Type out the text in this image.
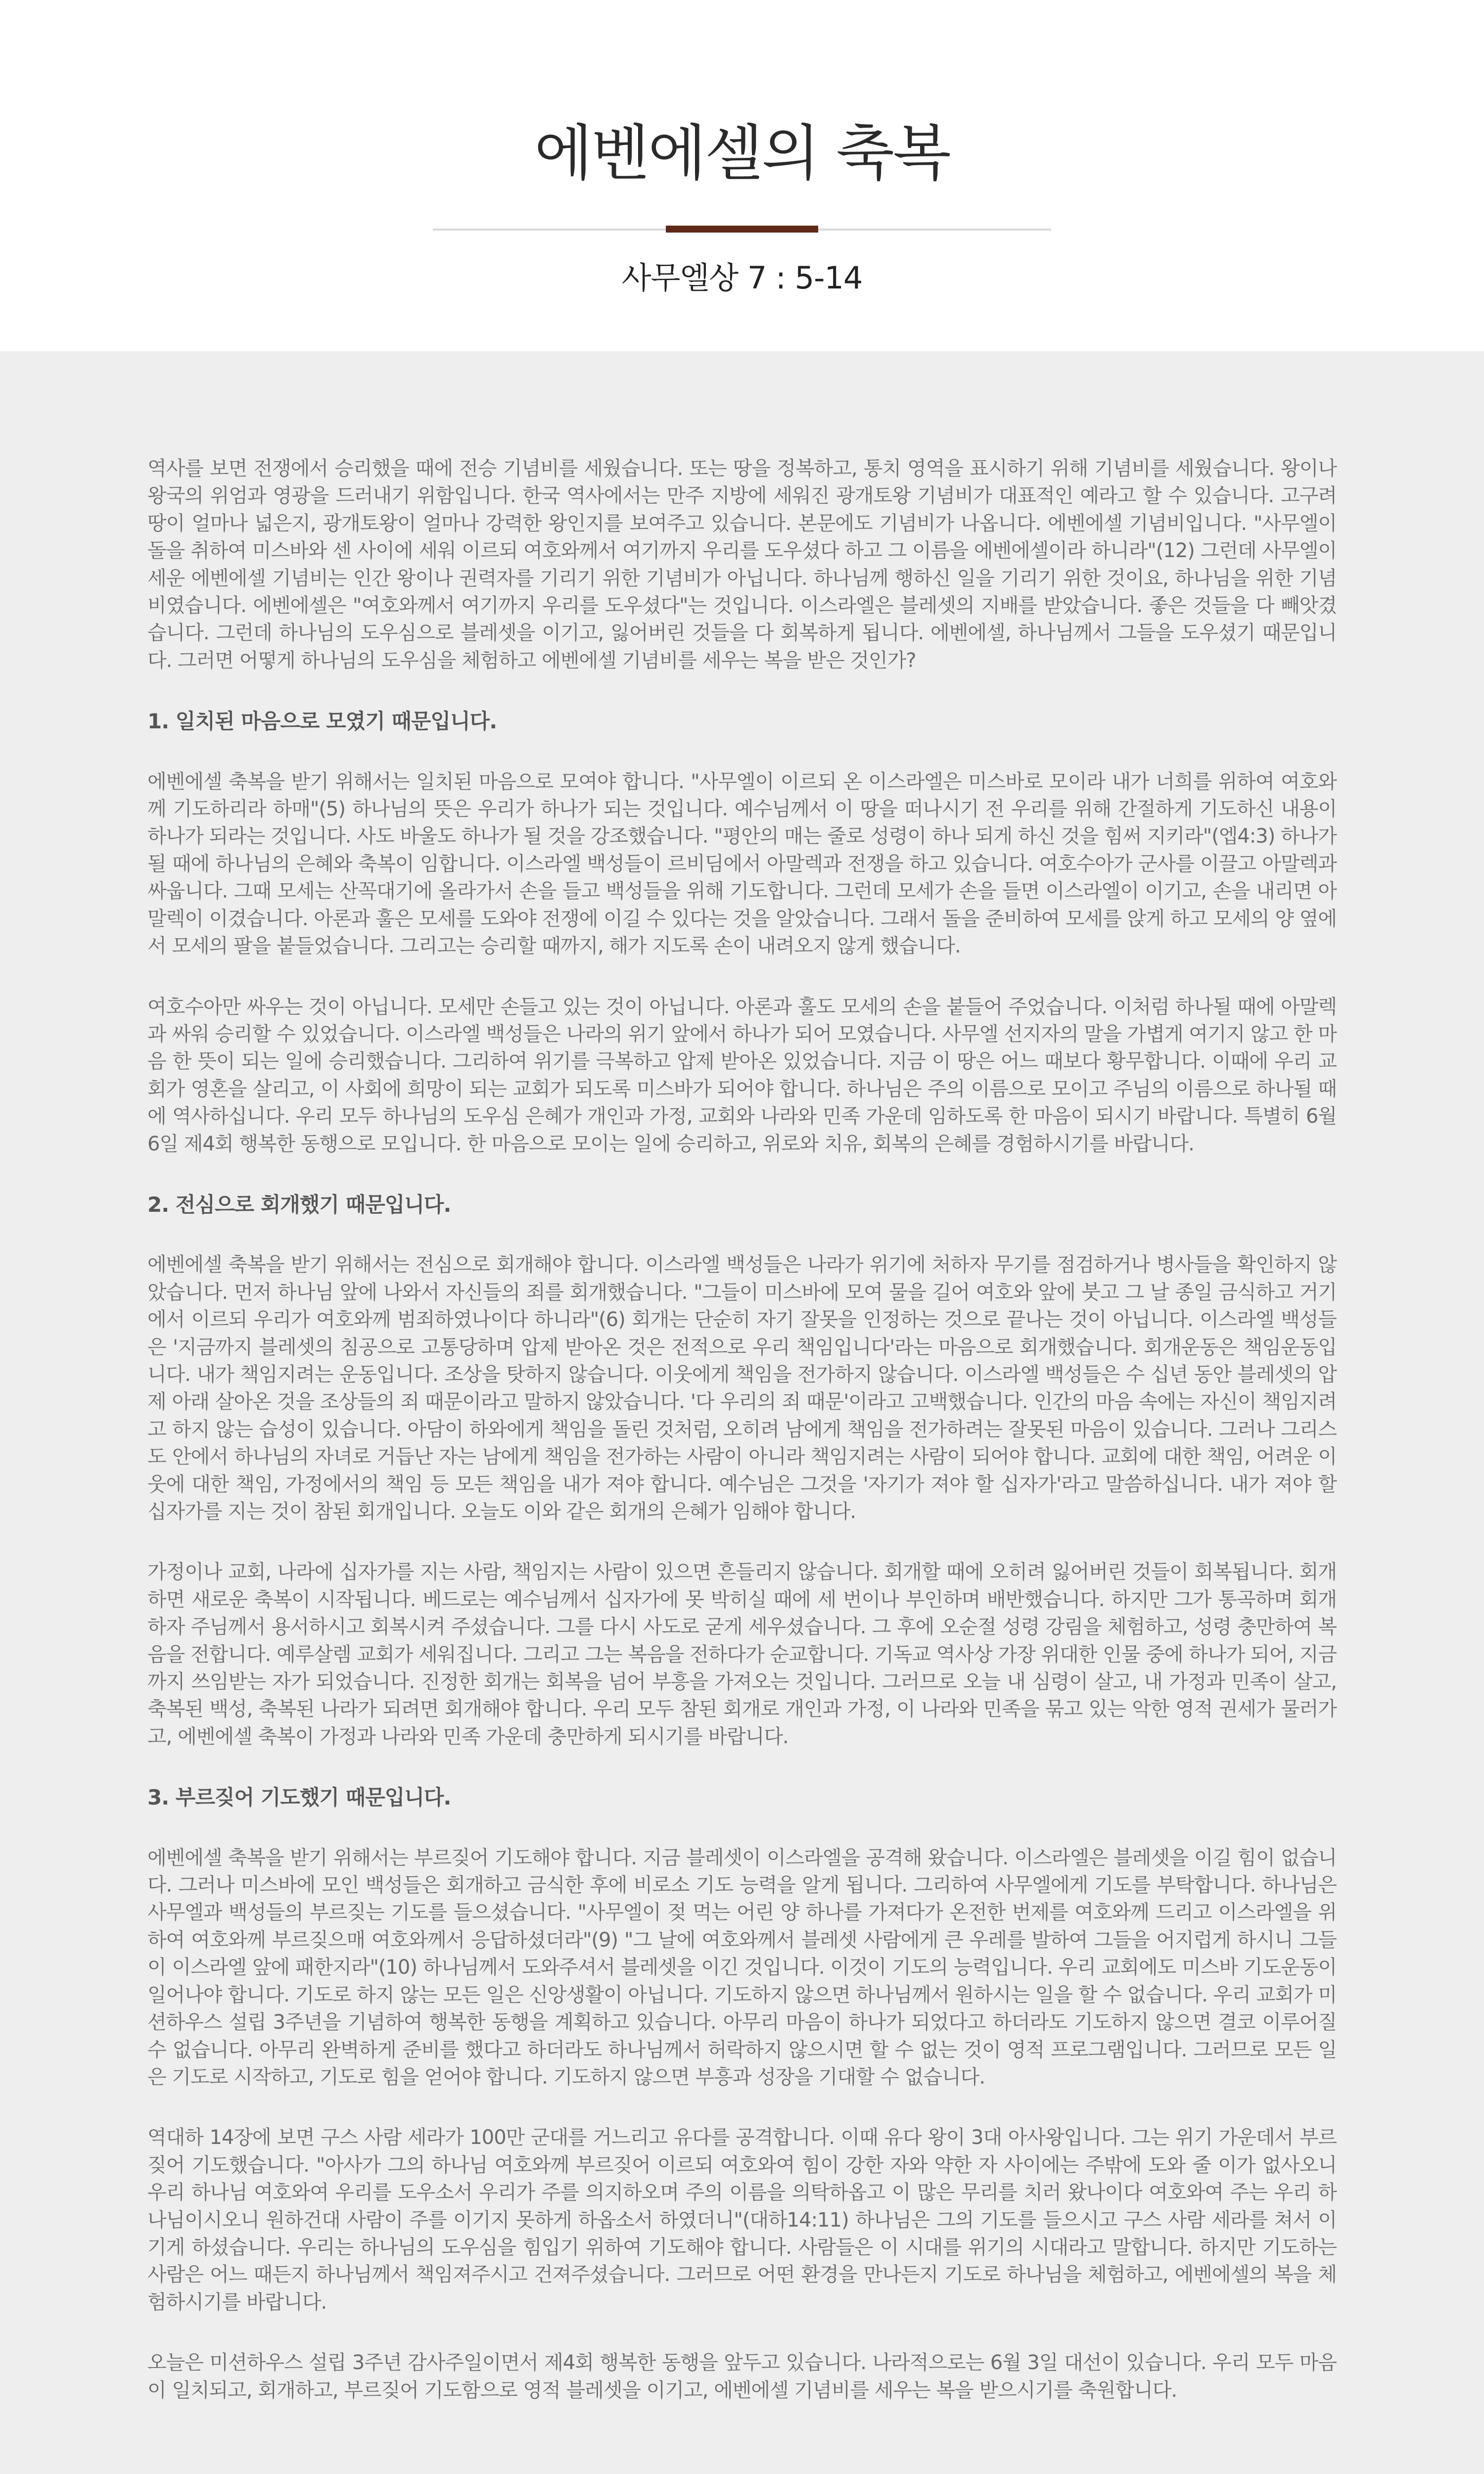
에벤에셀의 축복
사무엘상 7 : 5-14

역사를 보면 전쟁에서 승리했을 때에 전승 기념비를 세웠습니다. 또는 땅을 정복하고, 통치 영역을 표시하기 위해 기념비를 세웠습니다. 왕이나 왕국의 위엄과 영광을 드러내기 위함입니다. 한국 역사에서는 만주 지방에 세워진 광개토왕 기념비가 대표적인 예라고 할 수 있습니다. 고구려 땅이 얼마나 넓은지, 광개토왕이 얼마나 강력한 왕인지를 보여주고 있습니다. 본문에도 기념비가 나옵니다. 에벤에셀 기념비입니다. "사무엘이 돌을 취하여 미스바와 센 사이에 세워 이르되 여호와께서 여기까지 우리를 도우셨다 하고 그 이름을 에벤에셀이라 하니라"(12) 그런데 사무엘이 세운 에벤에셀 기념비는 인간 왕이나 권력자를 기리기 위한 기념비가 아닙니다. 하나님께 행하신 일을 기리기 위한 것이요, 하나님을 위한 기념비였습니다. 에벤에셀은 "여호와께서 여기까지 우리를 도우셨다"는 것입니다. 이스라엘은 블레셋의 지배를 받았습니다. 좋은 것들을 다 빼앗겼습니다. 그런데 하나님의 도우심으로 블레셋을 이기고, 잃어버린 것들을 다 회복하게 됩니다. 에벤에셀, 하나님께서 그들을 도우셨기 때문입니다. 그러면 어떻게 하나님의 도우심을 체험하고 에벤에셀 기념비를 세우는 복을 받은 것인가?

1. 일치된 마음으로 모였기 때문입니다.

에벤에셀 축복을 받기 위해서는 일치된 마음으로 모여야 합니다. "사무엘이 이르되 온 이스라엘은 미스바로 모이라 내가 너희를 위하여 여호와께 기도하리라 하매"(5) 하나님의 뜻은 우리가 하나가 되는 것입니다. 예수님께서 이 땅을 떠나시기 전 우리를 위해 간절하게 기도하신 내용이 하나가 되라는 것입니다. 사도 바울도 하나가 될 것을 강조했습니다. "평안의 매는 줄로 성령이 하나 되게 하신 것을 힘써 지키라"(엡4:3) 하나가 될 때에 하나님의 은혜와 축복이 임합니다. 이스라엘 백성들이 르비딤에서 아말렉과 전쟁을 하고 있습니다. 여호수아가 군사를 이끌고 아말렉과 싸웁니다. 그때 모세는 산꼭대기에 올라가서 손을 들고 백성들을 위해 기도합니다. 그런데 모세가 손을 들면 이스라엘이 이기고, 손을 내리면 아말렉이 이겼습니다. 아론과 훌은 모세를 도와야 전쟁에 이길 수 있다는 것을 알았습니다. 그래서 돌을 준비하여 모세를 앉게 하고 모세의 양 옆에서 모세의 팔을 붙들었습니다. 그리고는 승리할 때까지, 해가 지도록 손이 내려오지 않게 했습니다.

여호수아만 싸우는 것이 아닙니다. 모세만 손들고 있는 것이 아닙니다. 아론과 훌도 모세의 손을 붙들어 주었습니다. 이처럼 하나될 때에 아말렉과 싸워 승리할 수 있었습니다. 이스라엘 백성들은 나라의 위기 앞에서 하나가 되어 모였습니다. 사무엘 선지자의 말을 가볍게 여기지 않고 한 마음 한 뜻이 되는 일에 승리했습니다. 그리하여 위기를 극복하고 압제 받아온 있었습니다. 지금 이 땅은 어느 때보다 황무합니다. 이때에 우리 교회가 영혼을 살리고, 이 사회에 희망이 되는 교회가 되도록 미스바가 되어야 합니다. 하나님은 주의 이름으로 모이고 주님의 이름으로 하나될 때에 역사하십니다. 우리 모두 하나님의 도우심 은혜가 개인과 가정, 교회와 나라와 민족 가운데 임하도록 한 마음이 되시기 바랍니다. 특별히 6월 6일 제4회 행복한 동행으로 모입니다. 한 마음으로 모이는 일에 승리하고, 위로와 치유, 회복의 은혜를 경험하시기를 바랍니다.

2. 전심으로 회개했기 때문입니다.

에벤에셀 축복을 받기 위해서는 전심으로 회개해야 합니다. 이스라엘 백성들은 나라가 위기에 처하자 무기를 점검하거나 병사들을 확인하지 않았습니다. 먼저 하나님 앞에 나와서 자신들의 죄를 회개했습니다. "그들이 미스바에 모여 물을 길어 여호와 앞에 붓고 그 날 종일 금식하고 거기에서 이르되 우리가 여호와께 범죄하였나이다 하니라"(6) 회개는 단순히 자기 잘못을 인정하는 것으로 끝나는 것이 아닙니다. 이스라엘 백성들은 '지금까지 블레셋의 침공으로 고통당하며 압제 받아온 것은 전적으로 우리 책임입니다'라는 마음으로 회개했습니다. 회개운동은 책임운동입니다. 내가 책임지려는 운동입니다. 조상을 탓하지 않습니다. 이웃에게 책임을 전가하지 않습니다. 이스라엘 백성들은 수 십년 동안 블레셋의 압제 아래 살아온 것을 조상들의 죄 때문이라고 말하지 않았습니다. '다 우리의 죄 때문'이라고 고백했습니다. 인간의 마음 속에는 자신이 책임지려고 하지 않는 습성이 있습니다. 아담이 하와에게 책임을 돌린 것처럼, 오히려 남에게 책임을 전가하려는 잘못된 마음이 있습니다. 그러나 그리스도 안에서 하나님의 자녀로 거듭난 자는 남에게 책임을 전가하는 사람이 아니라 책임지려는 사람이 되어야 합니다. 교회에 대한 책임, 어려운 이웃에 대한 책임, 가정에서의 책임 등 모든 책임을 내가 져야 합니다. 예수님은 그것을 '자기가 져야 할 십자가'라고 말씀하십니다. 내가 져야 할 십자가를 지는 것이 참된 회개입니다. 오늘도 이와 같은 회개의 은혜가 임해야 합니다.

가정이나 교회, 나라에 십자가를 지는 사람, 책임지는 사람이 있으면 흔들리지 않습니다. 회개할 때에 오히려 잃어버린 것들이 회복됩니다. 회개하면 새로운 축복이 시작됩니다. 베드로는 예수님께서 십자가에 못 박히실 때에 세 번이나 부인하며 배반했습니다. 하지만 그가 통곡하며 회개하자 주님께서 용서하시고 회복시켜 주셨습니다. 그를 다시 사도로 굳게 세우셨습니다. 그 후에 오순절 성령 강림을 체험하고, 성령 충만하여 복음을 전합니다. 예루살렘 교회가 세워집니다. 그리고 그는 복음을 전하다가 순교합니다. 기독교 역사상 가장 위대한 인물 중에 하나가 되어, 지금까지 쓰임받는 자가 되었습니다. 진정한 회개는 회복을 넘어 부흥을 가져오는 것입니다. 그러므로 오늘 내 심령이 살고, 내 가정과 민족이 살고, 축복된 백성, 축복된 나라가 되려면 회개해야 합니다. 우리 모두 참된 회개로 개인과 가정, 이 나라와 민족을 묶고 있는 악한 영적 권세가 물러가고, 에벤에셀 축복이 가정과 나라와 민족 가운데 충만하게 되시기를 바랍니다.

3. 부르짖어 기도했기 때문입니다.

에벤에셀 축복을 받기 위해서는 부르짖어 기도해야 합니다. 지금 블레셋이 이스라엘을 공격해 왔습니다. 이스라엘은 블레셋을 이길 힘이 없습니다. 그러나 미스바에 모인 백성들은 회개하고 금식한 후에 비로소 기도 능력을 알게 됩니다. 그리하여 사무엘에게 기도를 부탁합니다. 하나님은 사무엘과 백성들의 부르짖는 기도를 들으셨습니다. "사무엘이 젖 먹는 어린 양 하나를 가져다가 온전한 번제를 여호와께 드리고 이스라엘을 위하여 여호와께 부르짖으매 여호와께서 응답하셨더라"(9) "그 날에 여호와께서 블레셋 사람에게 큰 우레를 발하여 그들을 어지럽게 하시니 그들이 이스라엘 앞에 패한지라"(10) 하나님께서 도와주셔서 블레셋을 이긴 것입니다. 이것이 기도의 능력입니다. 우리 교회에도 미스바 기도운동이 일어나야 합니다. 기도로 하지 않는 모든 일은 신앙생활이 아닙니다. 기도하지 않으면 하나님께서 원하시는 일을 할 수 없습니다. 우리 교회가 미션하우스 설립 3주년을 기념하여 행복한 동행을 계획하고 있습니다. 아무리 마음이 하나가 되었다고 하더라도 기도하지 않으면 결코 이루어질 수 없습니다. 아무리 완벽하게 준비를 했다고 하더라도 하나님께서 허락하지 않으시면 할 수 없는 것이 영적 프로그램입니다. 그러므로 모든 일은 기도로 시작하고, 기도로 힘을 얻어야 합니다. 기도하지 않으면 부흥과 성장을 기대할 수 없습니다.

역대하 14장에 보면 구스 사람 세라가 100만 군대를 거느리고 유다를 공격합니다. 이때 유다 왕이 3대 아사왕입니다. 그는 위기 가운데서 부르짖어 기도했습니다. "아사가 그의 하나님 여호와께 부르짖어 이르되 여호와여 힘이 강한 자와 약한 자 사이에는 주밖에 도와 줄 이가 없사오니 우리 하나님 여호와여 우리를 도우소서 우리가 주를 의지하오며 주의 이름을 의탁하옵고 이 많은 무리를 치러 왔나이다 여호와여 주는 우리 하나님이시오니 원하건대 사람이 주를 이기지 못하게 하옵소서 하였더니"(대하14:11) 하나님은 그의 기도를 들으시고 구스 사람 세라를 쳐서 이기게 하셨습니다. 우리는 하나님의 도우심을 힘입기 위하여 기도해야 합니다. 사람들은 이 시대를 위기의 시대라고 말합니다. 하지만 기도하는 사람은 어느 때든지 하나님께서 책임져주시고 건져주셨습니다. 그러므로 어떤 환경을 만나든지 기도로 하나님을 체험하고, 에벤에셀의 복을 체험하시기를 바랍니다.

오늘은 미션하우스 설립 3주년 감사주일이면서 제4회 행복한 동행을 앞두고 있습니다. 나라적으로는 6월 3일 대선이 있습니다. 우리 모두 마음이 일치되고, 회개하고, 부르짖어 기도함으로 영적 블레셋을 이기고, 에벤에셀 기념비를 세우는 복을 받으시기를 축원합니다.
